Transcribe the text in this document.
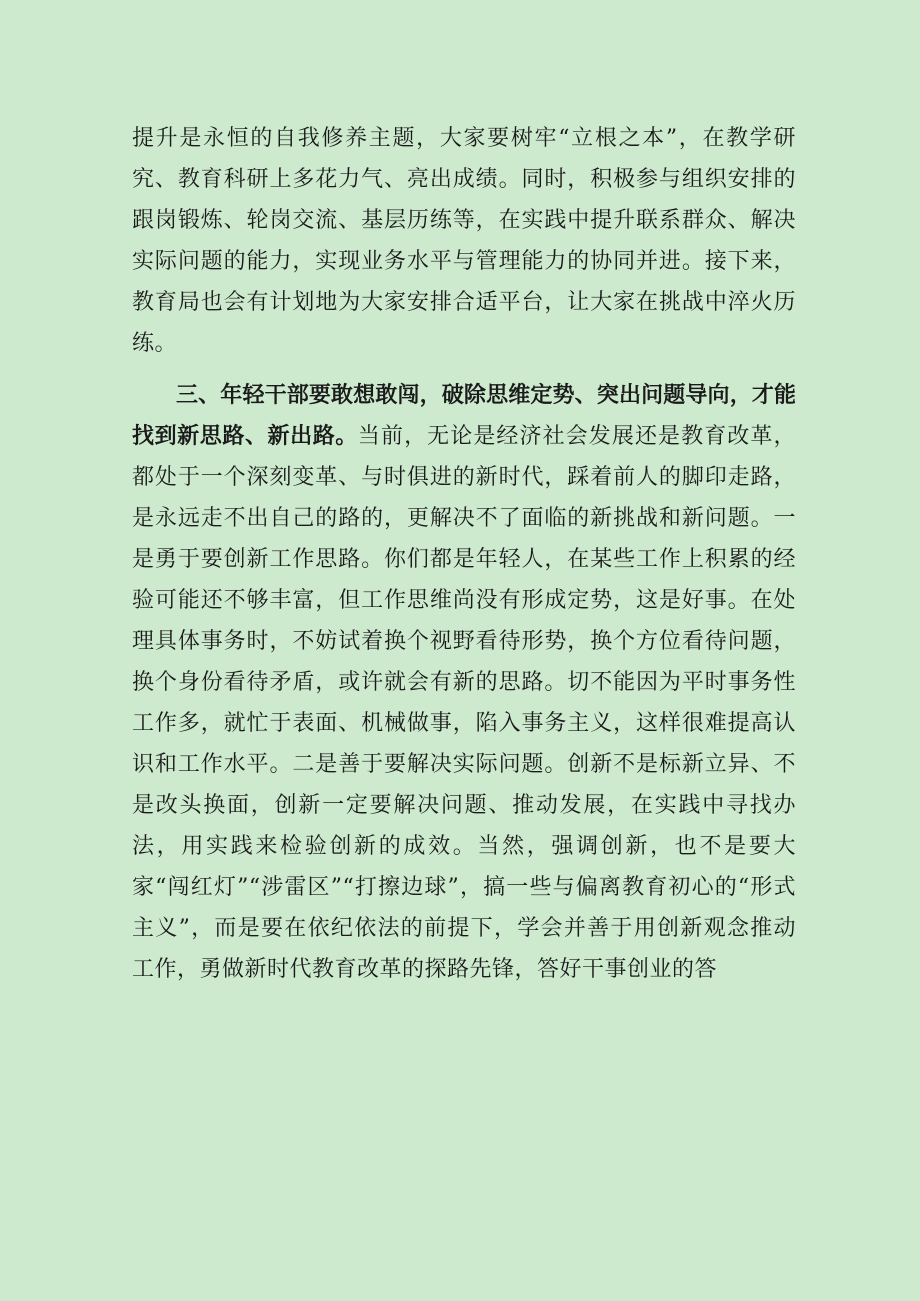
提升是永恒的自我修养主题，大家要树牢“立根之本”，在教学研究、教育科研上多花力气、亮出成绩。同时，积极参与组织安排的跟岗锻炼、轮岗交流、基层历练等，在实践中提升联系群众、解决实际问题的能力，实现业务水平与管理能力的协同并进。接下来，教育局也会有计划地为大家安排合适平台，让大家在挑战中淬火历练。

三、年轻干部要敢想敢闯，破除思维定势、突出问题导向，才能找到新思路、新出路。当前，无论是经济社会发展还是教育改革，都处于一个深刻变革、与时俱进的新时代，踩着前人的脚印走路，是永远走不出自己的路的，更解决不了面临的新挑战和新问题。一是勇于要创新工作思路。你们都是年轻人，在某些工作上积累的经验可能还不够丰富，但工作思维尚没有形成定势，这是好事。在处理具体事务时，不妨试着换个视野看待形势，换个方位看待问题，换个身份看待矛盾，或许就会有新的思路。切不能因为平时事务性工作多，就忙于表面、机械做事，陷入事务主义，这样很难提高认识和工作水平。二是善于要解决实际问题。创新不是标新立异、不是改头换面，创新一定要解决问题、推动发展，在实践中寻找办法，用实践来检验创新的成效。当然，强调创新，也不是要大家“闯红灯”“涉雷区”“打擦边球”，搞一些与偏离教育初心的“形式主义”，而是要在依纪依法的前提下，学会并善于用创新观念推动工作，勇做新时代教育改革的探路先锋，答好干事创业的答
